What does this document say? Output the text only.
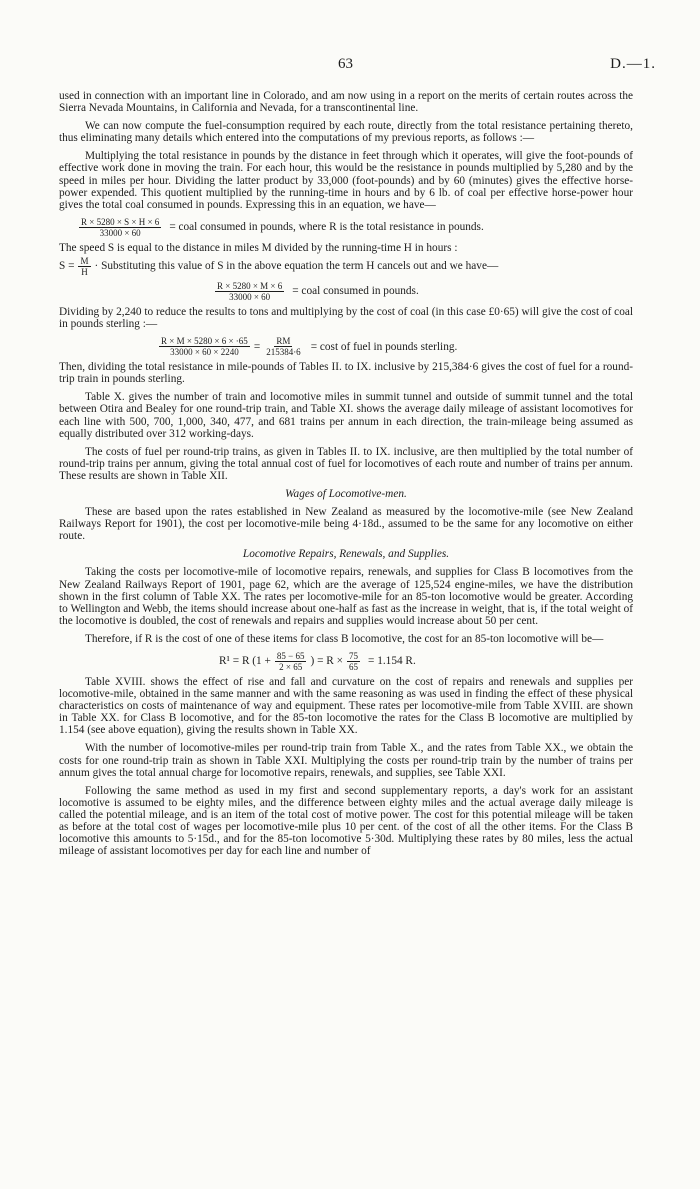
63	D.—1.

used in connection with an important line in Colorado, and am now using in a report on the merits of certain routes across the Sierra Nevada Mountains, in California and Nevada, for a transcontinental line.

We can now compute the fuel-consumption required by each route, directly from the total resistance pertaining thereto, thus eliminating many details which entered into the computations of my previous reports, as follows :—

Multiplying the total resistance in pounds by the distance in feet through which it operates, will give the foot-pounds of effective work done in moving the train. For each hour, this would be the resistance in pounds multiplied by 5,280 and by the speed in miles per hour. Dividing the latter product by 33,000 (foot-pounds) and by 60 (minutes) gives the effective horse-power expended. This quotient multiplied by the running-time in hours and by 6 lb. of coal per effective horse-power hour gives the total coal consumed in pounds. Expressing this in an equation, we have—

$\frac{R \times 5280 \times S \times H \times 6}{33000 \times 60}$ = coal consumed in pounds, where R is the total resistance in pounds.
The speed S is equal to the distance in miles M divided by the running-time H in hours :
$S = \frac{M}{H}$ · Substituting this value of S in the above equation the term H cancels out and we have—
$\frac{R \times 5280 \times M \times 6}{33000 \times 60}$ = coal consumed in pounds.

Dividing by 2,240 to reduce the results to tons and multiplying by the cost of coal (in this case £0·65) will give the cost of coal in pounds sterling :—

$\frac{R \times M \times 5280 \times 6 \times \cdot 65}{33000 \times 60 \times 2240} = \frac{RM}{215384\cdot 6} = \cos t$ of fuel in pounds sterling.

Then, dividing the total resistance in mile-pounds of Tables II. to IX. inclusive by 215,384·6 gives the cost of fuel for a round-trip train in pounds sterling.

Table X. gives the number of train and locomotive miles in summit tunnel and outside of summit tunnel and the total between Otira and Bealey for one round-trip train, and Table XI. shows the average daily mileage of assistant locomotives for each line with 500, 700, 1,000, 340, 477, and 681 trains per annum in each direction, the train-mileage being assumed as equally distributed over 312 working-days.

The costs of fuel per round-trip trains, as given in Tables II. to IX. inclusive, are then multiplied by the total number of round-trip trains per annum, giving the total annual cost of fuel for locomotives of each route and number of trains per annum. These results are shown in Table XII.

Wages of Locomotive-men.

These are based upon the rates established in New Zealand as measured by the locomotive-mile (see New Zealand Railways Report for 1901), the cost per locomotive-mile being 4·18d., assumed to be the same for any locomotive on either route.

Locomotive Repairs, Renewals, and Supplies.

Taking the costs per locomotive-mile of locomotive repairs, renewals, and supplies for Class B locomotives from the New Zealand Railways Report of 1901, page 62, which are the average of 125,524 engine-miles, we have the distribution shown in the first column of Table XX. The rates per locomotive-mile for an 85-ton locomotive would be greater. According to Wellington and Webb, the items should increase about one-half as fast as the increase in weight, that is, if the total weight of the locomotive is doubled, the cost of renewals and repairs and supplies would increase about 50 per cent.

Therefore, if R is the cost of one of these items for class B locomotive, the cost for an 85-ton locomotive will be—

R¹ = R ($1 + \frac{85 - 65}{2 \times 65}$ ) = $R \times \frac{75}{65} = 1.154$ R.

Table XVIII. shows the effect of rise and fall and curvature on the cost of repairs and renewals and supplies per locomotive-mile, obtained in the same manner and with the same reasoning as was used in finding the effect of these physical characteristics on costs of maintenance of way and equipment. These rates per locomotive-mile from Table XVIII. are shown in Table XX. for Class B locomotive, and for the 85-ton locomotive the rates for the Class B locomotive are multiplied by 1.154 (see above equation), giving the results shown in Table XX.

With the number of locomotive-miles per round-trip train from Table X., and the rates from Table XX., we obtain the costs for one round-trip train as shown in Table XXI. Multiplying the costs per round-trip train by the number of trains per annum gives the total annual charge for locomotive repairs, renewals, and supplies, see Table XXI.

Following the same method as used in my first and second supplementary reports, a day's work for an assistant locomotive is assumed to be eighty miles, and the difference between eighty miles and the actual average daily mileage is called the potential mileage, and is an item of the total cost of motive power. The cost for this potential mileage will be taken as before at the total cost of wages per locomotive-mile plus 10 per cent. of the cost of all the other items. For the Class B locomotive this amounts to 5·15d., and for the 85-ton locomotive 5·30d. Multiplying these rates by 80 miles, less the actual mileage of assistant locomotives per day for each line and number of
